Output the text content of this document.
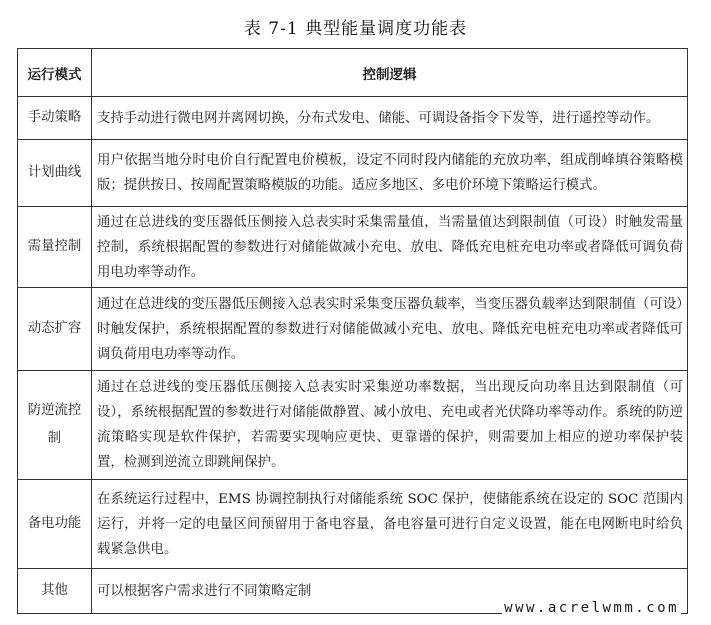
表 7-1 典型能量调度功能表
运行模式	控制逻辑
手动策略	支持手动进行微电网并离网切换，分布式发电、储能、可调设备指令下发等，进行遥控等动作。
计划曲线	用户依据当地分时电价自行配置电价模板，设定不同时段内储能的充放功率，组成削峰填谷策略模版；提供按日、按周配置策略模版的功能。适应多地区、多电价环境下策略运行模式。
需量控制	通过在总进线的变压器低压侧接入总表实时采集需量值，当需量值达到限制值（可设）时触发需量控制，系统根据配置的参数进行对储能做减小充电、放电、降低充电桩充电功率或者降低可调负荷用电功率等动作。
动态扩容	通过在总进线的变压器低压侧接入总表实时采集变压器负载率，当变压器负载率达到限制值（可设）时触发保护，系统根据配置的参数进行对储能做减小充电、放电、降低充电桩充电功率或者降低可调负荷用电功率等动作。
防逆流控制	通过在总进线的变压器低压侧接入总表实时采集逆功率数据，当出现反向功率且达到限制值（可设），系统根据配置的参数进行对储能做静置、减小放电、充电或者光伏降功率等动作。系统的防逆流策略实现是软件保护，若需要实现响应更快、更靠谱的保护，则需要加上相应的逆功率保护装置，检测到逆流立即跳闸保护。
备电功能	在系统运行过程中，EMS 协调控制执行对储能系统 SOC 保护，使储能系统在设定的 SOC 范围内运行，并将一定的电量区间预留用于备电容量，备电容量可进行自定义设置，能在电网断电时给负载紧急供电。
其他	可以根据客户需求进行不同策略定制
www.acrelwmm.com
